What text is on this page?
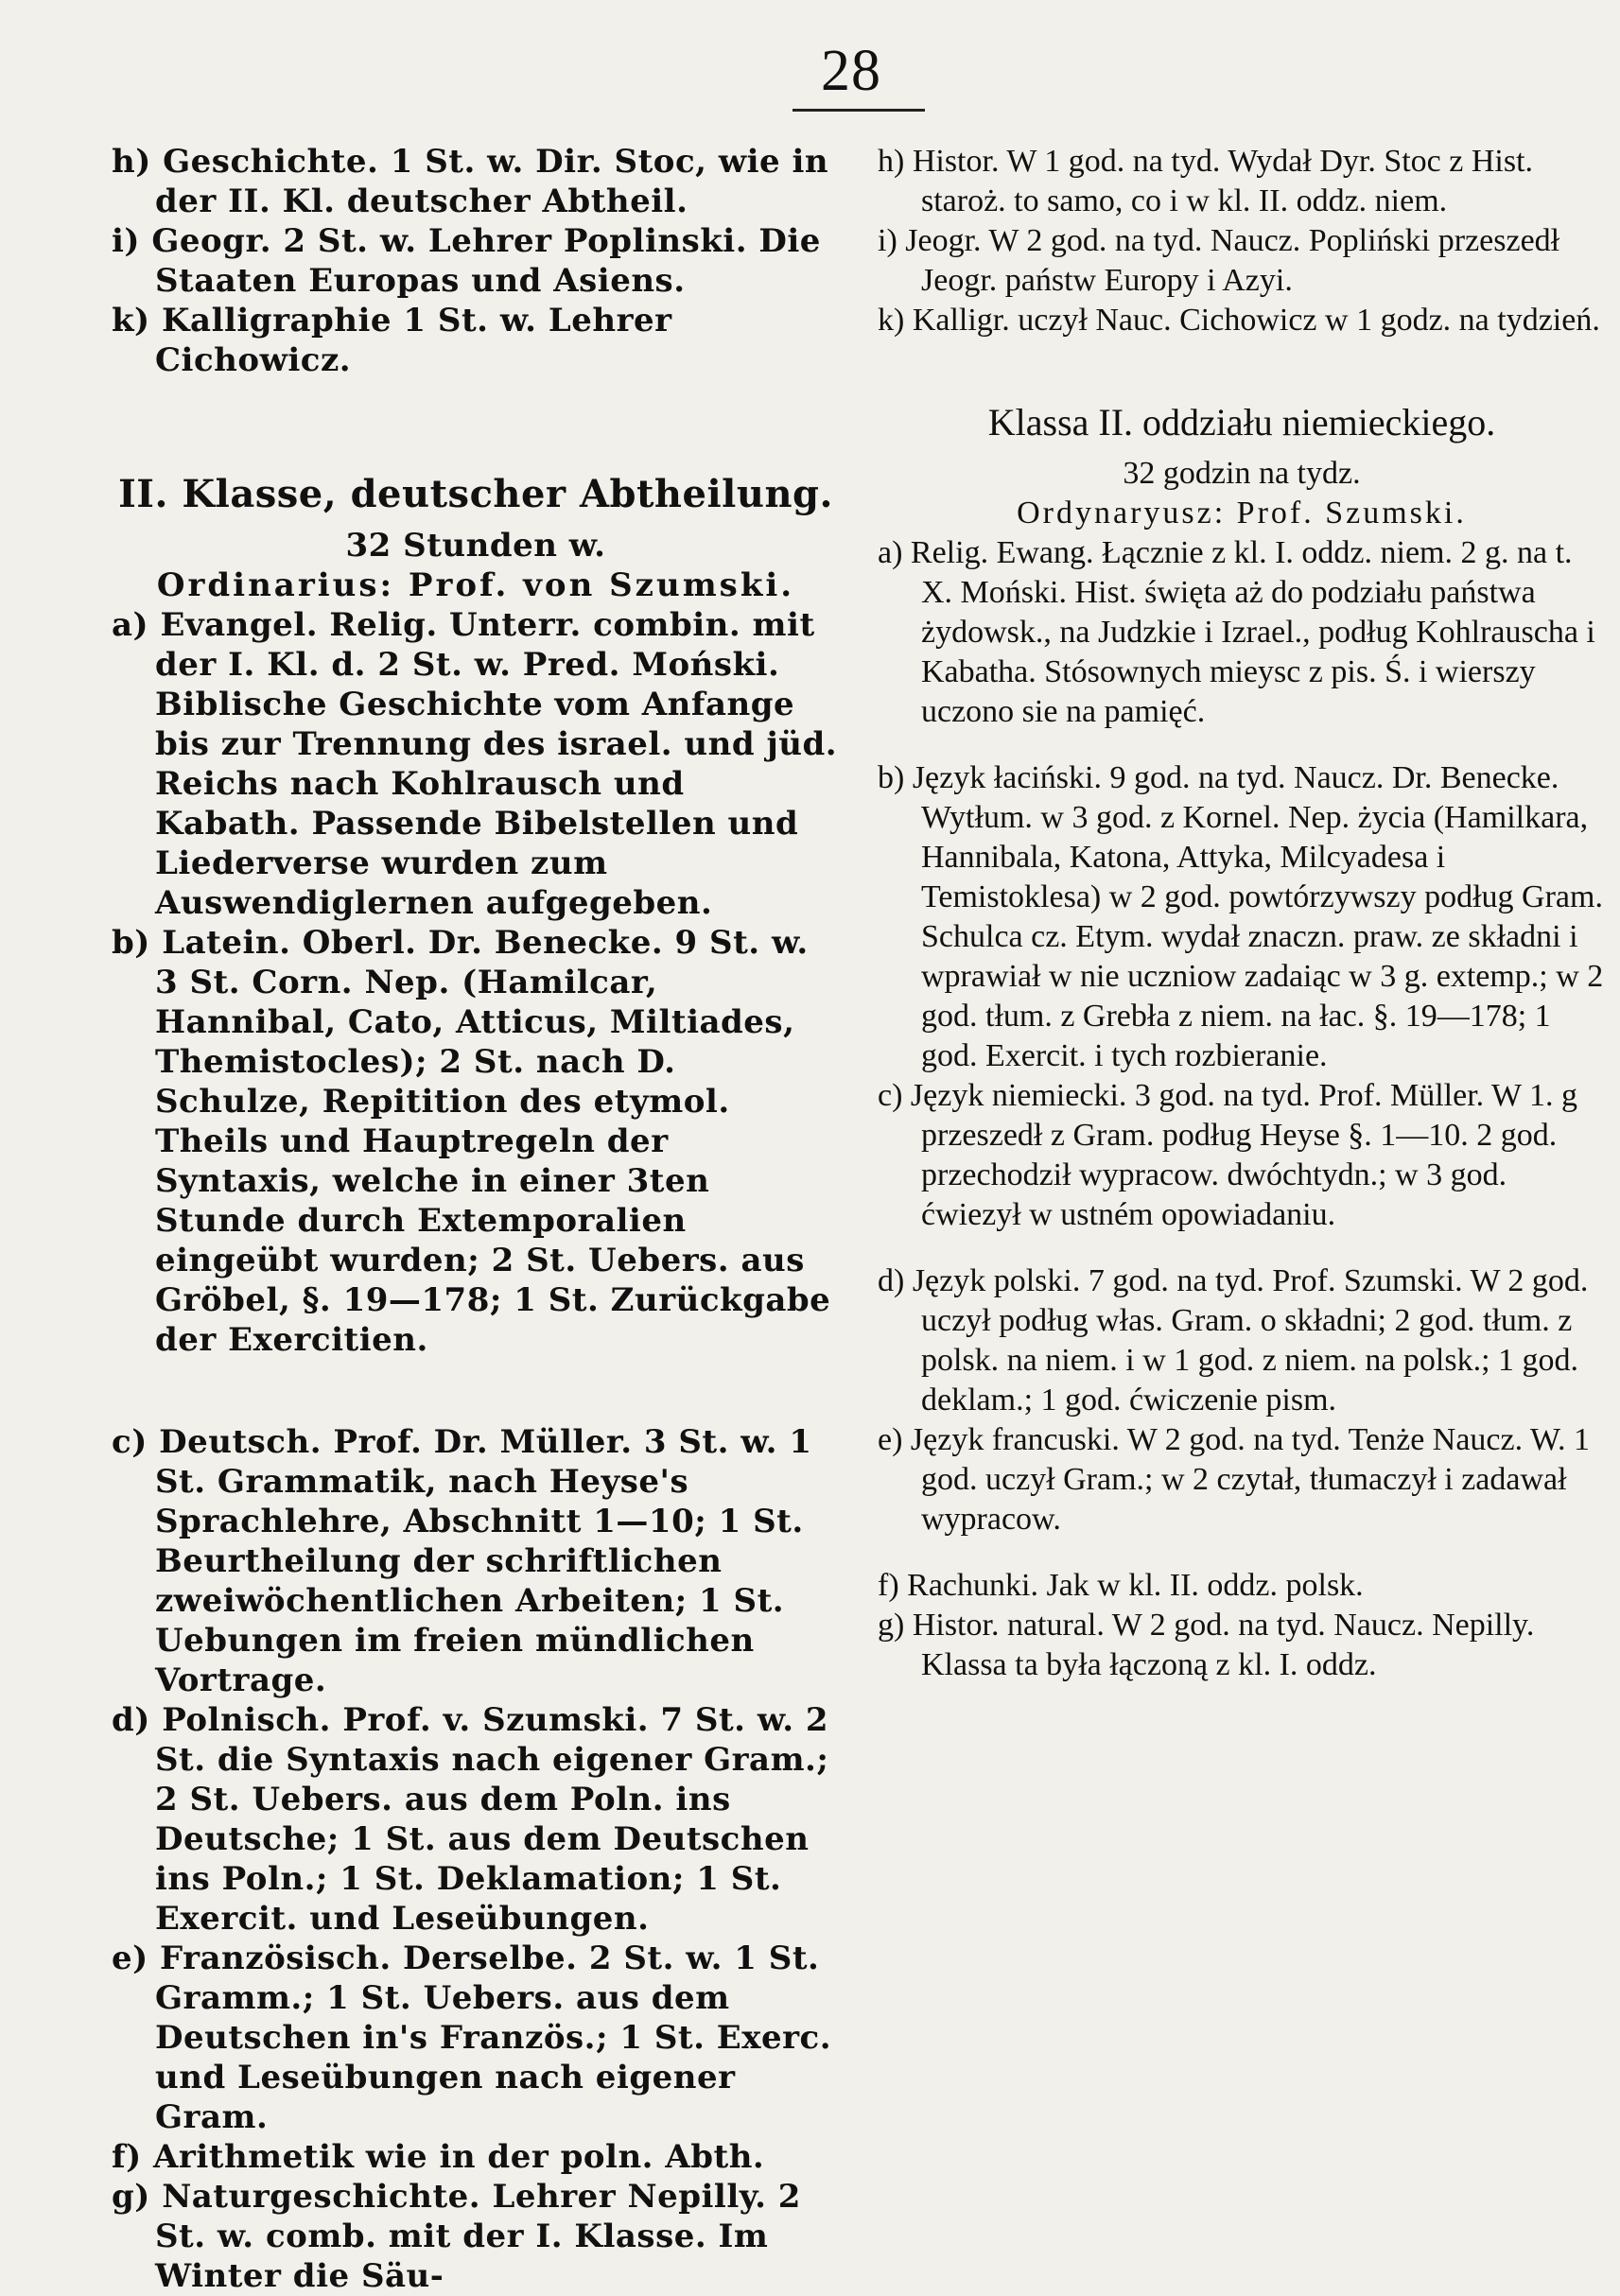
28
h) Geschichte. 1 St. w. Dir. Stoc, wie in der II. Kl. deutscher Abtheil.
i) Geogr. 2 St. w. Lehrer Poplinski. Die Staaten Europas und Asiens.
k) Kalligraphie 1 St. w. Lehrer Cichowicz.
II. Klasse, deutscher Abtheilung.
32 Stunden w.
Ordinarius: Prof. von Szumski.
a) Evangel. Relig. Unterr. combin. mit der I. Kl. d. 2 St. w. Pred. Moński. Biblische Geschichte vom Anfange bis zur Trennung des israel. und jüd. Reichs nach Kohlrausch und Kabath. Passende Bibelstellen und Liederverse wurden zum Auswendiglernen aufgegeben.
b) Latein. Oberl. Dr. Benecke. 9 St. w. 3 St. Corn. Nep. (Hamilcar, Hannibal, Cato, Atticus, Miltiades, Themistocles); 2 St. nach D. Schulze, Repitition des etymol. Theils und Hauptregeln der Syntaxis, welche in einer 3ten Stunde durch Extemporalien eingeübt wurden; 2 St. Uebers. aus Gröbel, §. 19—178; 1 St. Zurückgabe der Exercitien.
c) Deutsch. Prof. Dr. Müller. 3 St. w. 1 St. Grammatik, nach Heyse's Sprachlehre, Abschnitt 1—10; 1 St. Beurtheilung der schriftlichen zweiwöchentlichen Arbeiten; 1 St. Uebungen im freien mündlichen Vortrage.
d) Polnisch. Prof. v. Szumski. 7 St. w. 2 St. die Syntaxis nach eigener Gram.; 2 St. Uebers. aus dem Poln. ins Deutsche; 1 St. aus dem Deutschen ins Poln.; 1 St. Deklamation; 1 St. Exercit. und Leseübungen.
e) Französisch. Derselbe. 2 St. w. 1 St. Gramm.; 1 St. Uebers. aus dem Deutschen in's Französ.; 1 St. Exerc. und Leseübungen nach eigener Gram.
f) Arithmetik wie in der poln. Abth.
g) Naturgeschichte. Lehrer Nepilly. 2 St. w. comb. mit der I. Klasse. Im Winter die Säu-
h) Histor. W 1 god. na tyd. Wydał Dyr. Stoc z Hist. staroż. to samo, co i w kl. II. oddz. niem.
i) Jeogr. W 2 god. na tyd. Naucz. Popliński przeszedł Jeogr. państw Europy i Azyi.
k) Kalligr. uczył Nauc. Cichowicz w 1 godz. na tydzień.
Klassa II. oddziału niemieckiego.
32 godzin na tydz.
Ordynaryusz: Prof. Szumski.
a) Relig. Ewang. Łącznie z kl. I. oddz. niem. 2 g. na t. X. Moński. Hist. święta aż do podziału państwa żydowsk., na Judzkie i Izrael., podług Kohlrauscha i Kabatha. Stósownych mieysc z pis. Ś. i wierszy uczono sie na pamięć.
b) Język łaciński. 9 god. na tyd. Naucz. Dr. Benecke. Wytłum. w 3 god. z Kornel. Nep. życia (Hamilkara, Hannibala, Katona, Attyka, Milcyadesa i Temistoklesa) w 2 god. powtórzywszy podług Gram. Schulca cz. Etym. wydał znaczn. praw. ze składni i wprawiał w nie uczniow zadaiąc w 3 g. extemp.; w 2 god. tłum. z Grebła z niem. na łac. §. 19—178; 1 god. Exercit. i tych rozbieranie.
c) Język niemiecki. 3 god. na tyd. Prof. Müller. W 1. g przeszedł z Gram. podług Heyse §. 1—10. 2 god. przechodził wypracow. dwóchtydn.; w 3 god. ćwiezył w ustném opowiadaniu.
d) Język polski. 7 god. na tyd. Prof. Szumski. W 2 god. uczył podług włas. Gram. o składni; 2 god. tłum. z polsk. na niem. i w 1 god. z niem. na polsk.; 1 god. deklam.; 1 god. ćwiczenie pism.
e) Język francuski. W 2 god. na tyd. Tenże Naucz. W. 1 god. uczył Gram.; w 2 czytał, tłumaczył i zadawał wypracow.
f) Rachunki. Jak w kl. II. oddz. polsk.
g) Histor. natural. W 2 god. na tyd. Naucz. Nepilly. Klassa ta była łączoną z kl. I. oddz.
